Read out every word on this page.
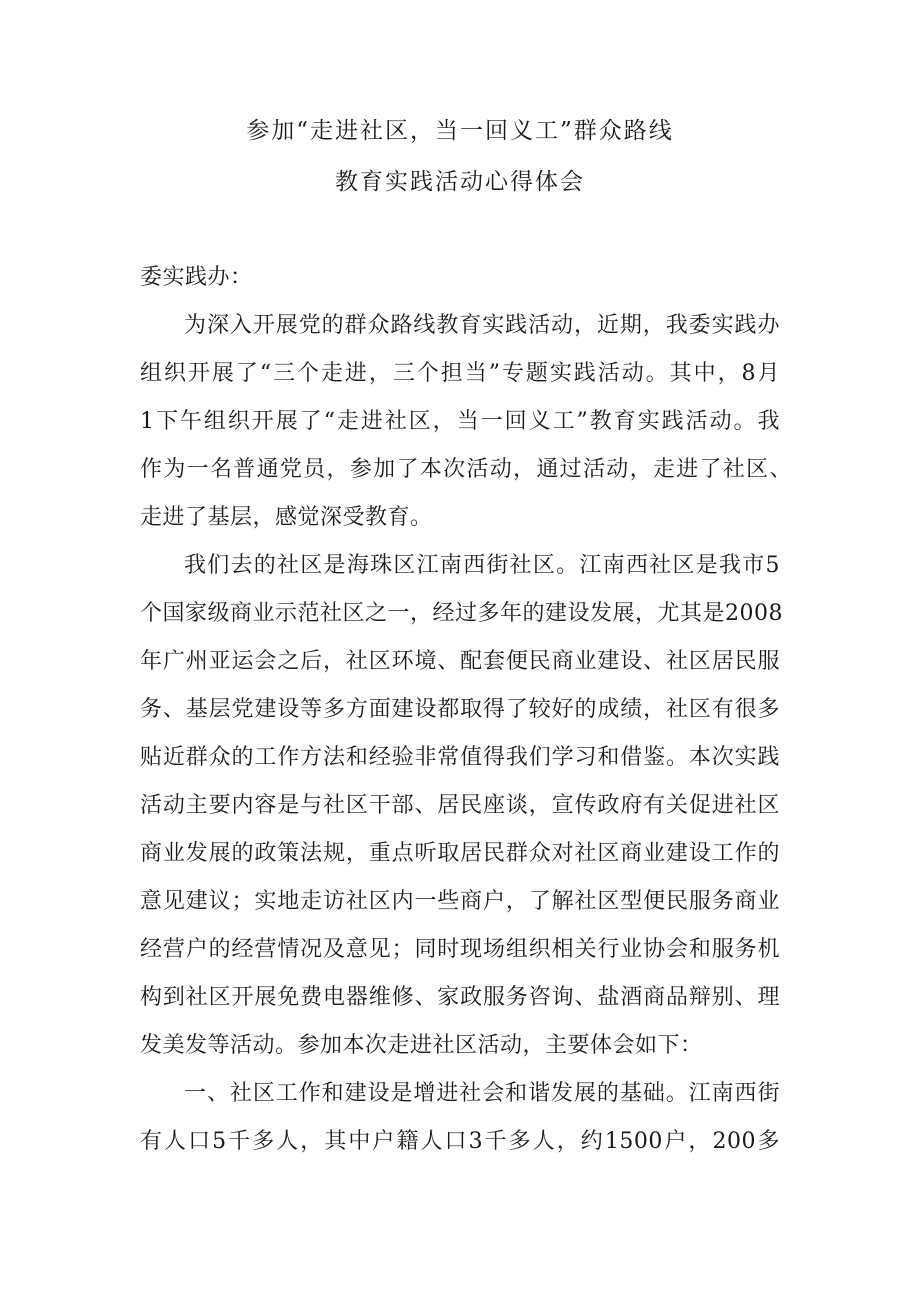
参加“走进社区，当一回义工”群众路线
教育实践活动心得体会
委实践办：
为深入开展党的群众路线教育实践活动，近期，我委实践办
组织开展了“三个走进，三个担当”专题实践活动。其中，8月
1下午组织开展了“走进社区，当一回义工”教育实践活动。我
作为一名普通党员，参加了本次活动，通过活动，走进了社区、
走进了基层，感觉深受教育。
我们去的社区是海珠区江南西街社区。江南西社区是我市5
个国家级商业示范社区之一，经过多年的建设发展，尤其是2008
年广州亚运会之后，社区环境、配套便民商业建设、社区居民服
务、基层党建设等多方面建设都取得了较好的成绩，社区有很多
贴近群众的工作方法和经验非常值得我们学习和借鉴。本次实践
活动主要内容是与社区干部、居民座谈，宣传政府有关促进社区
商业发展的政策法规，重点听取居民群众对社区商业建设工作的
意见建议；实地走访社区内一些商户，了解社区型便民服务商业
经营户的经营情况及意见；同时现场组织相关行业协会和服务机
构到社区开展免费电器维修、家政服务咨询、盐酒商品辩别、理
发美发等活动。参加本次走进社区活动，主要体会如下：
一、社区工作和建设是增进社会和谐发展的基础。江南西街
有人口5千多人，其中户籍人口3千多人，约1500户，200多
